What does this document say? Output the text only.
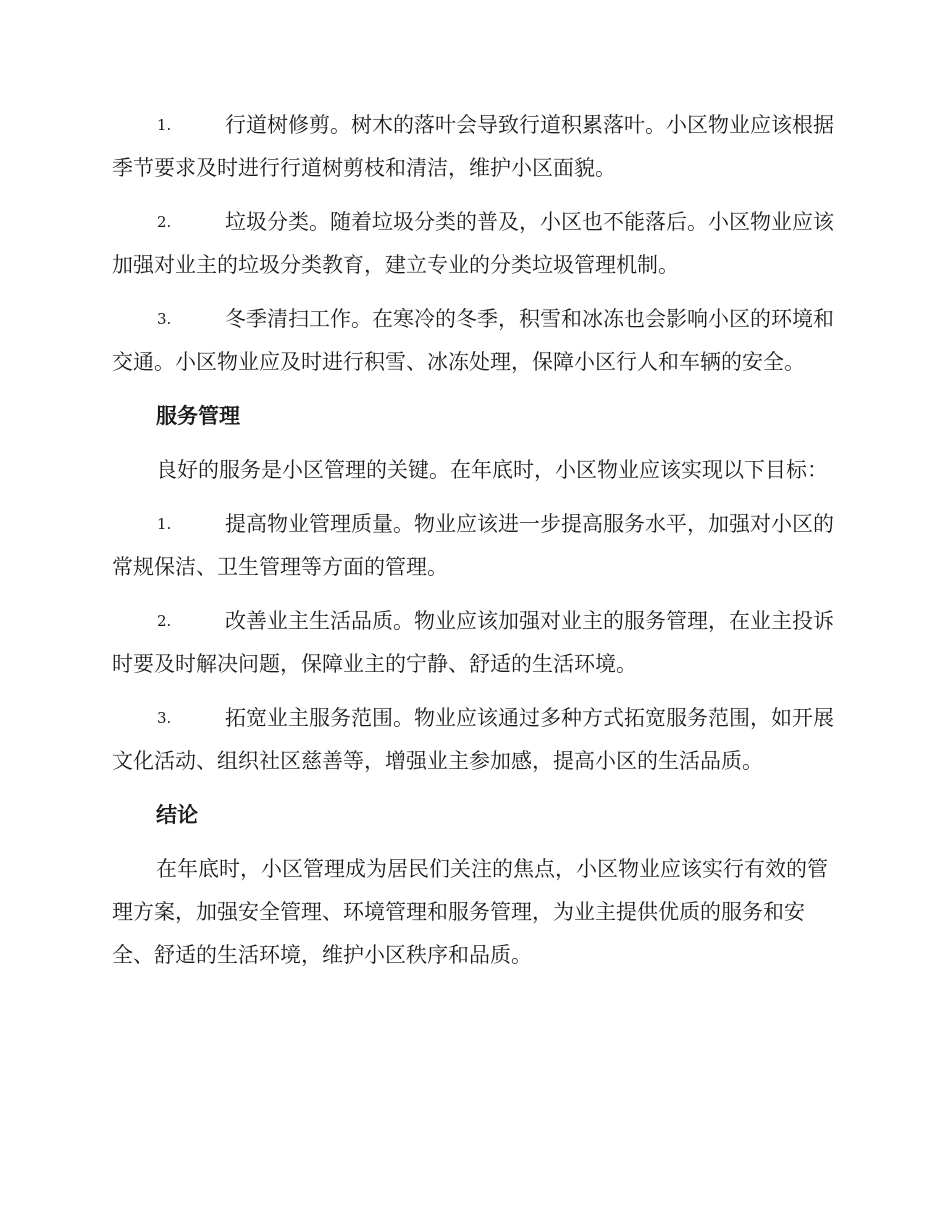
1.	行道树修剪。树木的落叶会导致行道积累落叶。小区物业应该根据季节要求及时进行行道树剪枝和清洁，维护小区面貌。

2.	垃圾分类。随着垃圾分类的普及，小区也不能落后。小区物业应该加强对业主的垃圾分类教育，建立专业的分类垃圾管理机制。

3.	冬季清扫工作。在寒冷的冬季，积雪和冰冻也会影响小区的环境和交通。小区物业应及时进行积雪、冰冻处理，保障小区行人和车辆的安全。

服务管理

良好的服务是小区管理的关键。在年底时，小区物业应该实现以下目标：

1.	提高物业管理质量。物业应该进一步提高服务水平，加强对小区的常规保洁、卫生管理等方面的管理。

2.	改善业主生活品质。物业应该加强对业主的服务管理，在业主投诉时要及时解决问题，保障业主的宁静、舒适的生活环境。

3.	拓宽业主服务范围。物业应该通过多种方式拓宽服务范围，如开展文化活动、组织社区慈善等，增强业主参加感，提高小区的生活品质。

结论

在年底时，小区管理成为居民们关注的焦点，小区物业应该实行有效的管理方案，加强安全管理、环境管理和服务管理，为业主提供优质的服务和安全、舒适的生活环境，维护小区秩序和品质。
